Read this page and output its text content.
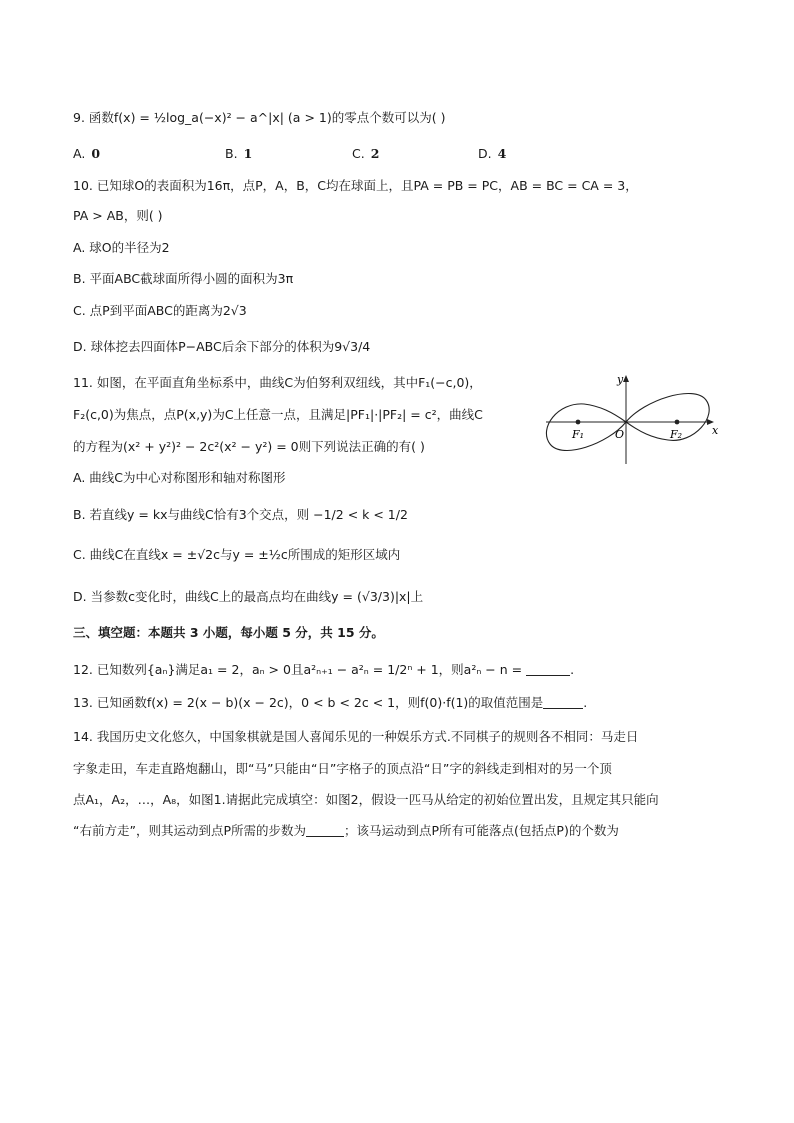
9. 函数f(x) = ½log_a(−x)² − a^|x| (a > 1)的零点个数可以为( )
A. 0	B. 1	C. 2	D. 4
10. 已知球O的表面积为16π，点P，A，B，C均在球面上，且PA = PB = PC，AB = BC = CA = 3，
PA > AB，则( )
A. 球O的半径为2
B. 平面ABC截球面所得小圆的面积为3π
C. 点P到平面ABC的距离为2√3
D. 球体挖去四面体P−ABC后余下部分的体积为9√3/4
11. 如图，在平面直角坐标系中，曲线C为伯努利双纽线，其中F₁(−c,0)，
F₂(c,0)为焦点，点P(x,y)为C上任意一点，且满足|PF₁|·|PF₂| = c²，曲线C
的方程为(x² + y²)² − 2c²(x² − y²) = 0则下列说法正确的有( )
A. 曲线C为中心对称图形和轴对称图形
B. 若直线y = kx与曲线C恰有3个交点，则 −1/2 < k < 1/2
C. 曲线C在直线x = ±√2c与y = ±½c所围成的矩形区域内
D. 当参数c变化时，曲线C上的最高点均在曲线y = (√3/3)|x|上
F₁	F₂
O
y
x
三、填空题：本题共 3 小题，每小题 5 分，共 15 分。
12. 已知数列{aₙ}满足a₁ = 2，aₙ > 0且a²ₙ₊₁ − a²ₙ = 1/2ⁿ + 1，则a²ₙ − n =	.
13. 已知函数f(x) = 2(x − b)(x − 2c)，0 < b < 2c < 1，则f(0)·f(1)的取值范围是	.
14. 我国历史文化悠久，中国象棋就是国人喜闻乐见的一种娱乐方式.不同棋子的规则各不相同：马走日
字象走田，车走直路炮翻山，即“马”只能由“日”字格子的顶点沿“日”字的斜线走到相对的另一个顶
点A₁，A₂，…，A₈，如图1.请据此完成填空：如图2，假设一匹马从给定的初始位置出发，且规定其只能向
“右前方走”，则其运动到点P所需的步数为	；该马运动到点P所有可能落点(包括点P)的个数为
